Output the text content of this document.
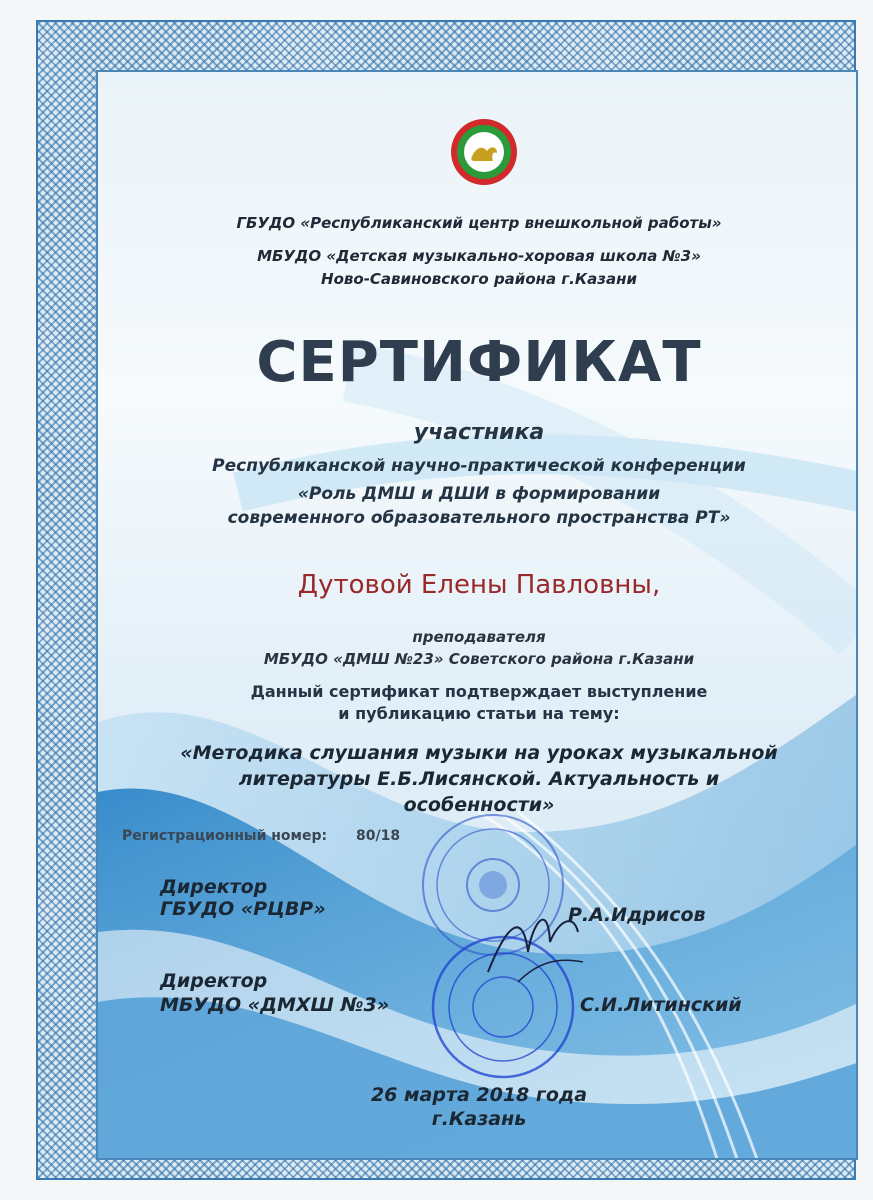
ГБУДО «Республиканский центр внешкольной работы»
МБУДО «Детская музыкально-хоровая школа №3»
Ново-Савиновского района г.Казани
СЕРТИФИКАТ
участника
Республиканской научно-практической конференции
«Роль ДМШ и ДШИ в формировании
современного образовательного пространства РТ»
Дутовой Елены Павловны,
преподавателя
МБУДО «ДМШ №23» Советского района г.Казани
Данный сертификат подтверждает выступление
и публикацию статьи на тему:
«Методика слушания музыки на уроках музыкальной
литературы Е.Б.Лисянской. Актуальность и
особенности»
Регистрационный номер: 80/18
Директор
ГБУДО «РЦВР»	Р.А.Идрисов
Директор
МБУДО «ДМХШ №3»	С.И.Литинский
26 марта 2018 года
г.Казань
